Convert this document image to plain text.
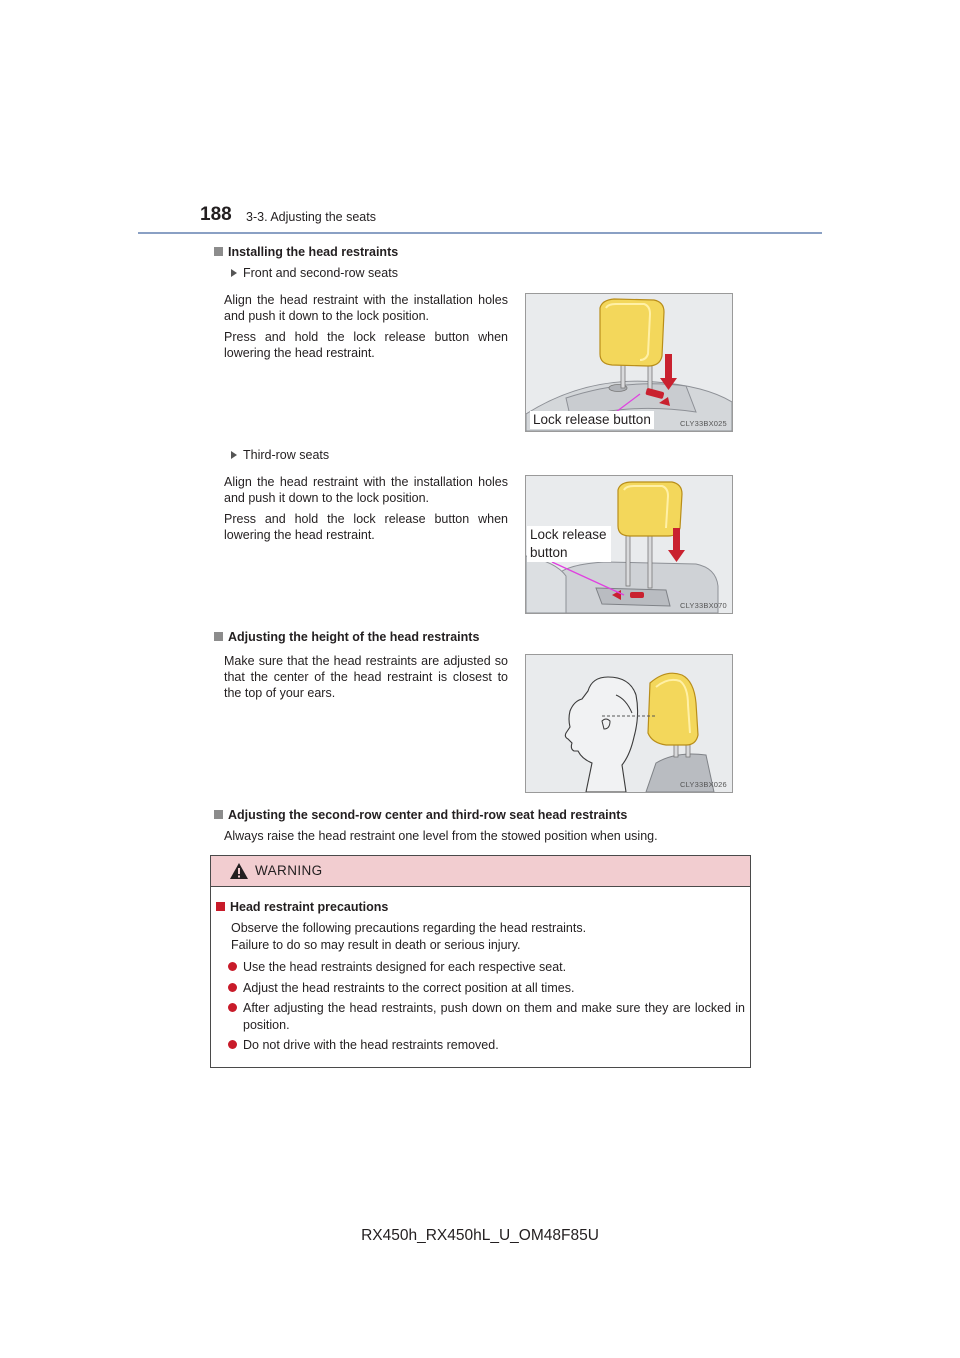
188 3-3. Adjusting the seats
Installing the head restraints
Front and second-row seats

Align the head restraint with the installation holes and push it down to the lock position.

Press and hold the lock release button when lowering the head restraint.

Lock release button	CLY33BX025
Third-row seats

Align the head restraint with the installation holes and push it down to the lock position.

Press and hold the lock release button when lowering the head restraint.	Lock release
button
CLY33BX070
Adjusting the height of the head restraints

Make sure that the head restraints are adjusted so that the center of the head restraint is closest to the top of your ears.

CLY33BX026
Adjusting the second-row center and third-row seat head restraints
Always raise the head restraint one level from the stowed position when using.
WARNING
Head restraint precautions
Observe the following precautions regarding the head restraints.
Failure to do so may result in death or serious injury.
Use the head restraints designed for each respective seat.
Adjust the head restraints to the correct position at all times.
After adjusting the head restraints, push down on them and make sure they are locked in position.
Do not drive with the head restraints removed.
RX450h_RX450hL_U_OM48F85U
